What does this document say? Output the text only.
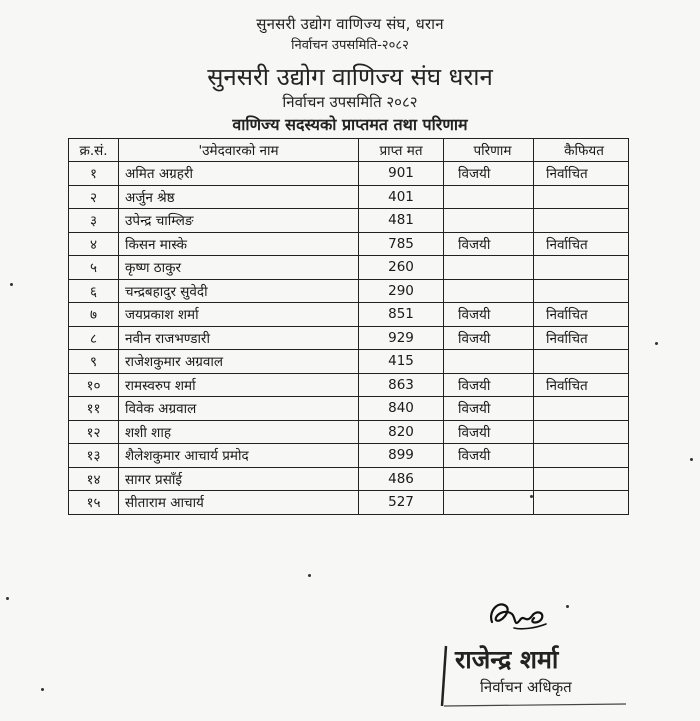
सुनसरी उद्योग वाणिज्य संघ, धरान
निर्वाचन उपसमिति-२०८२
सुनसरी उद्योग वाणिज्य संघ धरान
निर्वाचन उपसमिति २०८२
वाणिज्य सदस्यको प्राप्तमत तथा परिणाम
क्र.सं.	'उमेदवारको नाम	प्राप्त मत	परिणाम	कैफियत
१	अमित अग्रहरी	901	विजयी	निर्वाचित
२	अर्जुन श्रेष्ठ	401		
३	उपेन्द्र चाम्लिङ	481		
४	किसन मास्के	785	विजयी	निर्वाचित
५	कृष्ण ठाकुर	260		
६	चन्द्रबहादुर सुवेदी	290		
७	जयप्रकाश शर्मा	851	विजयी	निर्वाचित
८	नवीन राजभण्डारी	929	विजयी	निर्वाचित
९	राजेशकुमार अग्रवाल	415		
१०	रामस्वरुप शर्मा	863	विजयी	निर्वाचित
११	विवेक अग्रवाल	840	विजयी	
१२	शशी शाह	820	विजयी	
१३	शैलेशकुमार आचार्य प्रमोद	899	विजयी	
१४	सागर प्रसाँई	486		
१५	सीताराम आचार्य	527		
राजेन्द्र शर्मा
निर्वाचन अधिकृत
